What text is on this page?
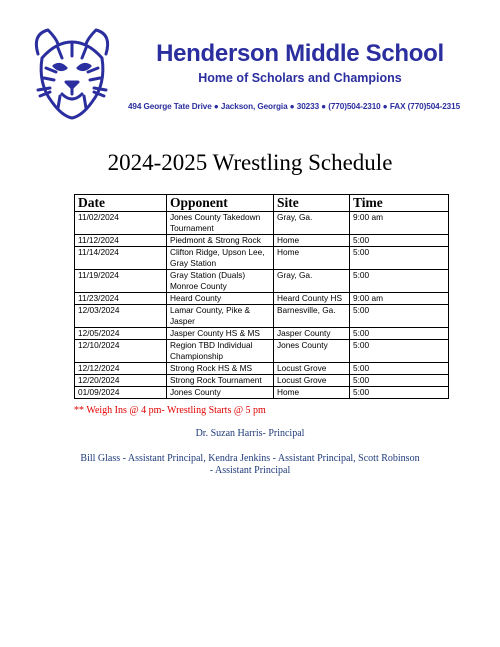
Henderson Middle School
Home of Scholars and Champions
494 George Tate Drive ● Jackson, Georgia ● 30233 ● (770)504-2310 ● FAX (770)504-2315
2024-2025 Wrestling Schedule
Date	Opponent	Site	Time
11/02/2024	Jones County Takedown Tournament	Gray, Ga.	9:00 am
11/12/2024	Piedmont & Strong Rock	Home	5:00
11/14/2024	Clifton Ridge, Upson Lee, Gray Station	Home	5:00
11/19/2024	Gray Station (Duals) Monroe County	Gray, Ga.	5:00
11/23/2024	Heard County	Heard County HS	9:00 am
12/03/2024	Lamar County, Pike & Jasper	Barnesville, Ga.	5:00
12/05/2024	Jasper County HS & MS	Jasper County	5:00
12/10/2024	Region TBD Individual Championship	Jones County	5:00
12/12/2024	Strong Rock HS & MS	Locust Grove	5:00
12/20/2024	Strong Rock Tournament	Locust Grove	5:00
01/09/2024	Jones County	Home	5:00
** Weigh Ins @ 4 pm- Wrestling Starts @ 5 pm
Dr. Suzan Harris- Principal
Bill Glass - Assistant Principal, Kendra Jenkins - Assistant Principal, Scott Robinson - Assistant Principal
